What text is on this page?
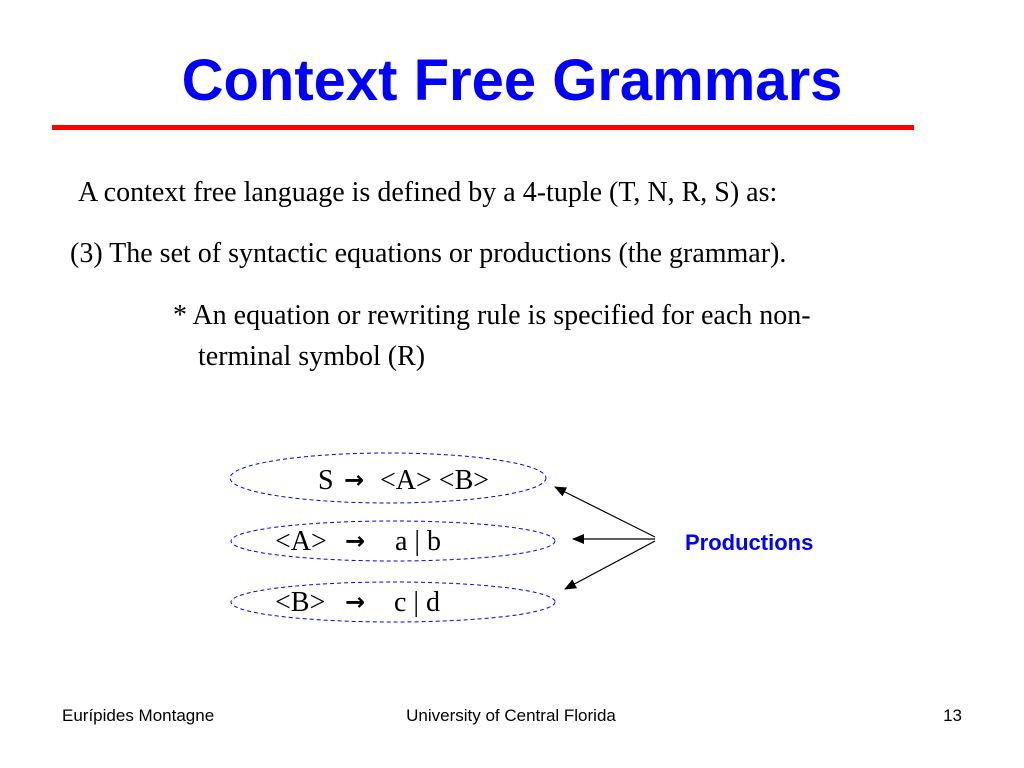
Context Free Grammars
A context free language is defined by a 4-tuple (T, N, R, S) as:
(3) The set of syntactic equations or productions (the grammar).
* An equation or rewriting rule is specified for each non-
terminal symbol (R)
S → <A> <B>
<A> → a | b
<B> → c | d
Productions
Eurípides Montagne	University of Central Florida	13
